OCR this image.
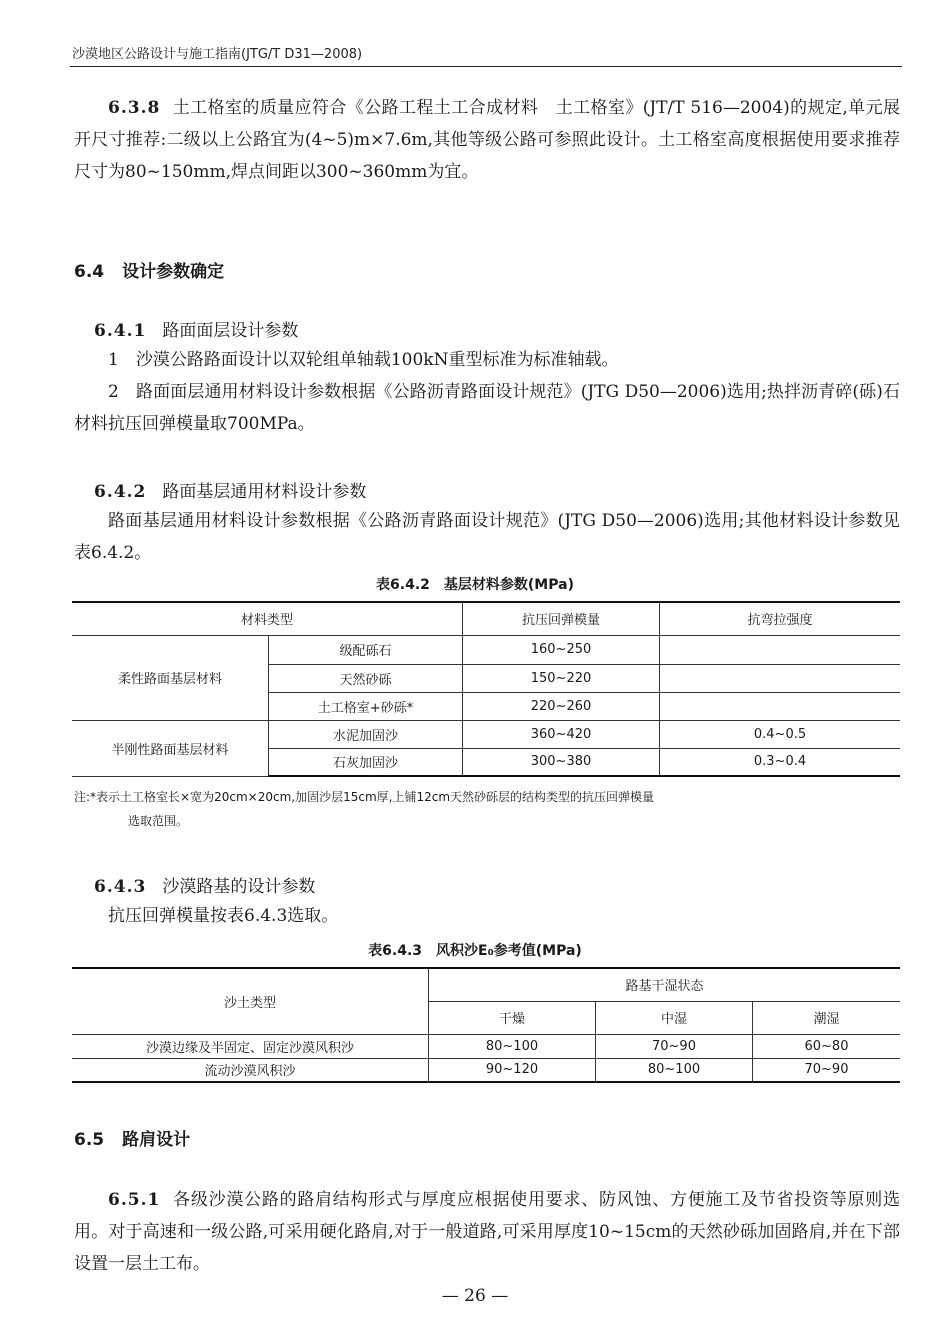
沙漠地区公路设计与施工指南(JTG/T D31—2008)
6.3.8 土工格室的质量应符合《公路工程土工合成材料　土工格室》(JT/T 516—2004)的规定,单元展开尺寸推荐:二级以上公路宜为(4~5)m×7.6m,其他等级公路可参照此设计。土工格室高度根据使用要求推荐尺寸为80~150mm,焊点间距以300~360mm为宜。
6.4 设计参数确定
6.4.1 路面面层设计参数
1　沙漠公路路面设计以双轮组单轴载100kN重型标准为标准轴载。
2　路面面层通用材料设计参数根据《公路沥青路面设计规范》(JTG D50—2006)选用;热拌沥青碎(砾)石材料抗压回弹模量取700MPa。
6.4.2 路面基层通用材料设计参数
路面基层通用材料设计参数根据《公路沥青路面设计规范》(JTG D50—2006)选用;其他材料设计参数见表6.4.2。
表6.4.2 基层材料参数(MPa)
材料类型		抗压回弹模量	抗弯拉强度
柔性路面基层材料	级配砾石	160~250	
	天然砂砾	150~220	
	土工格室+砂砾*	220~260	
半刚性路面基层材料	水泥加固沙	360~420	0.4~0.5
	石灰加固沙	300~380	0.3~0.4
注:*表示土工格室长×宽为20cm×20cm,加固沙层15cm厚,上铺12cm天然砂砾层的结构类型的抗压回弹模量
选取范围。
6.4.3 沙漠路基的设计参数
抗压回弹模量按表6.4.3选取。
表6.4.3 风积沙E₀参考值(MPa)
沙土类型	路基干湿状态		
	干燥	中湿	潮湿
沙漠边缘及半固定、固定沙漠风积沙	80~100	70~90	60~80
流动沙漠风积沙	90~120	80~100	70~90
6.5 路肩设计
6.5.1 各级沙漠公路的路肩结构形式与厚度应根据使用要求、防风蚀、方便施工及节省投资等原则选用。对于高速和一级公路,可采用硬化路肩,对于一般道路,可采用厚度10~15cm的天然砂砾加固路肩,并在下部设置一层土工布。
— 26 —
